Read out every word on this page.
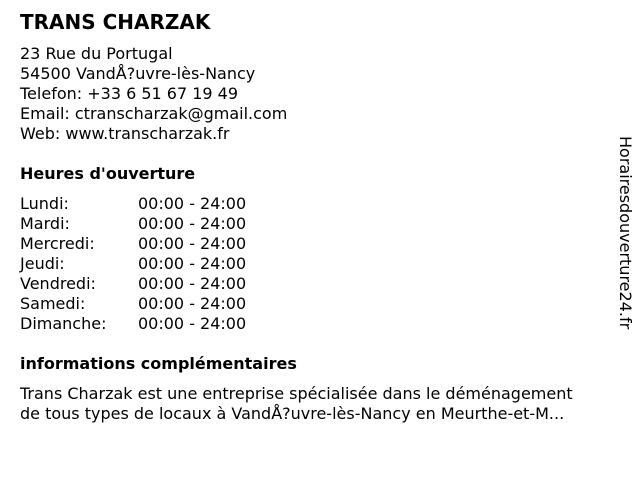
TRANS CHARZAK
23 Rue du Portugal
54500 VandÅ?uvre-lès-Nancy
Telefon: +33 6 51 67 19 49
Email: ctranscharzak@gmail.com
Web: www.transcharzak.fr
Heures d'ouverture
Lundi:	00:00 - 24:00
Mardi:	00:00 - 24:00
Mercredi:	00:00 - 24:00
Jeudi:	00:00 - 24:00
Vendredi:	00:00 - 24:00
Samedi:	00:00 - 24:00
Dimanche:	00:00 - 24:00
informations complémentaires
Trans Charzak est une entreprise spécialisée dans le déménagement
de tous types de locaux à VandÅ?uvre-lès-Nancy en Meurthe-et-M...
Horairesdouverture24.fr
